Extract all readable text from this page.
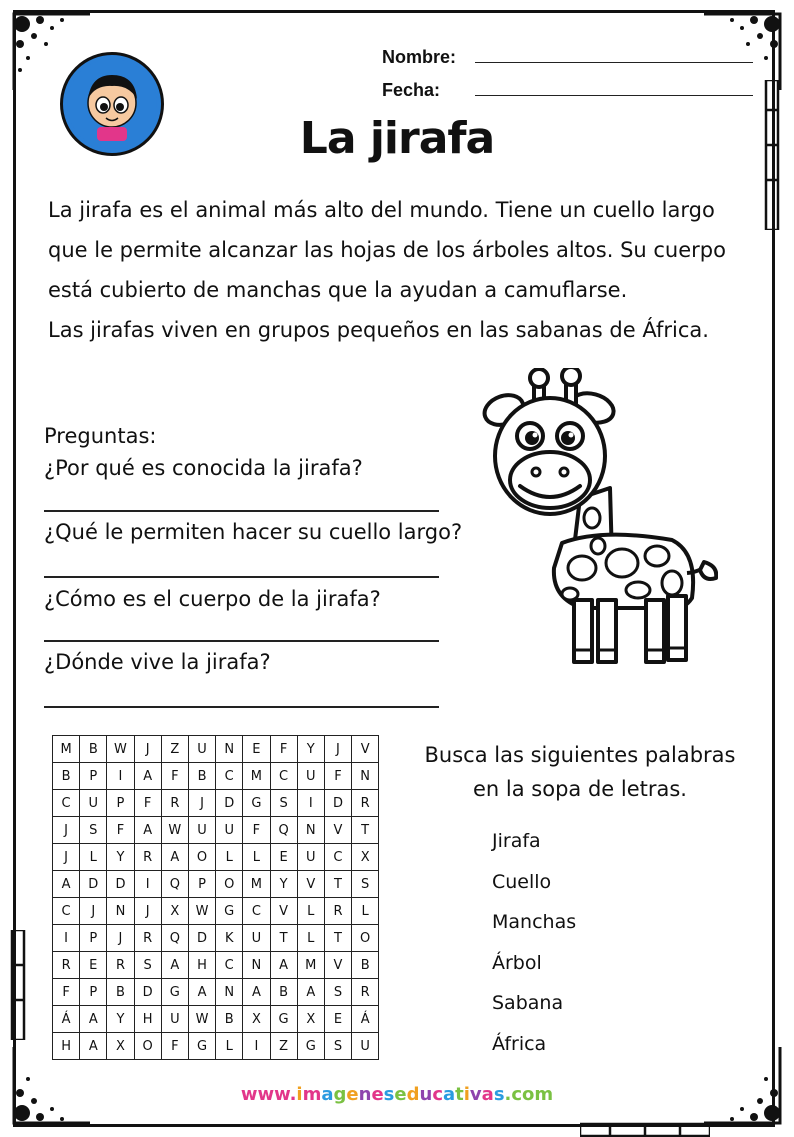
Nombre:
Fecha:
La jirafa

La jirafa es el animal más alto del mundo. Tiene un cuello largo

que le permite alcanzar las hojas de los árboles altos. Su cuerpo

está cubierto de manchas que la ayudan a camuflarse.

Las jirafas viven en grupos pequeños en las sabanas de África.

Preguntas:
¿Por qué es conocida la jirafa?
¿Qué le permiten hacer su cuello largo?
¿Cómo es el cuerpo de la jirafa?
¿Dónde vive la jirafa?
M	B	W	J	Z	U	N	E	F	Y	J	V
B	P	I	A	F	B	C	M	C	U	F	N
C	U	P	F	R	J	D	G	S	I	D	R
J	S	F	A	W	U	U	F	Q	N	V	T
J	L	Y	R	A	O	L	L	E	U	C	X
A	D	D	I	Q	P	O	M	Y	V	T	S
C	J	N	J	X	W	G	C	V	L	R	L
I	P	J	R	Q	D	K	U	T	L	T	O
R	E	R	S	A	H	C	N	A	M	V	B
F	P	B	D	G	A	N	A	B	A	S	R
Á	A	Y	H	U	W	B	X	G	X	E	Á
H	A	X	O	F	G	L	I	Z	G	S	U
Busca las siguientes palabras
en la sopa de letras.
Jirafa
Cuello
Manchas
Árbol
Sabana
África
www.imageneseducativas.com
